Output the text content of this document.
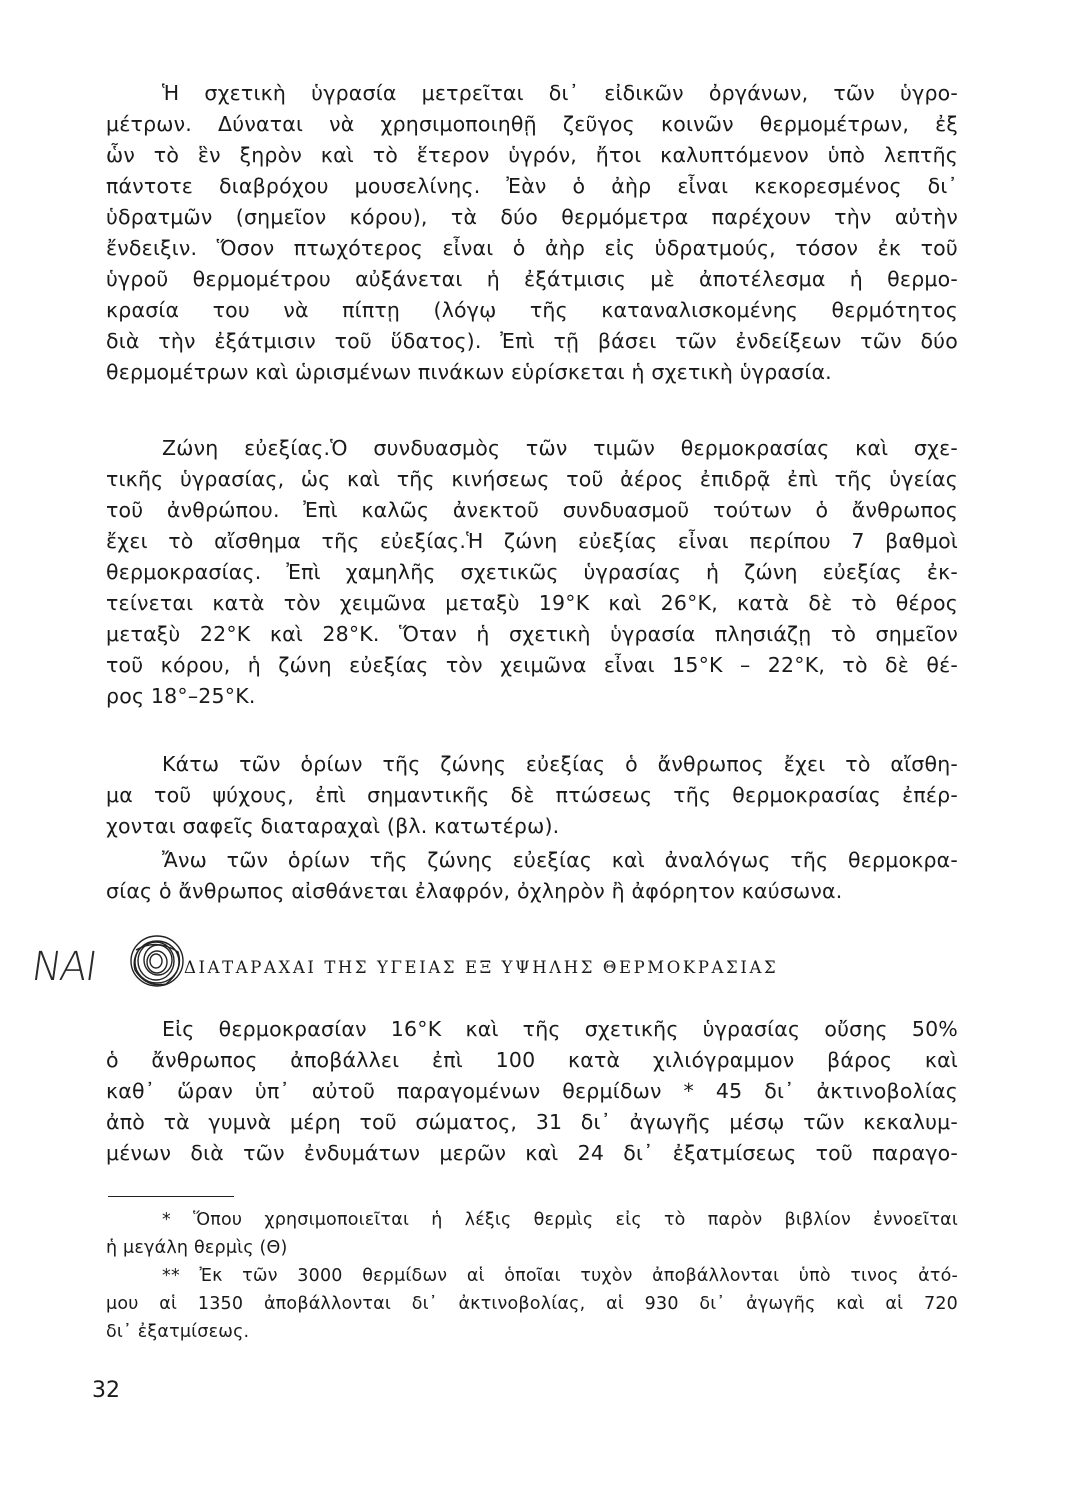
Ἡ σχετικὴ ὑγρασία μετρεῖται δι᾿ εἰδικῶν ὀργάνων, τῶν ὑγρο-
μέτρων. Δύναται νὰ χρησιμοποιηθῇ ζεῦγος κοινῶν θερμομέτρων, ἐξ
ὧν τὸ ἓν ξηρὸν καὶ τὸ ἕτερον ὑγρόν, ἤτοι καλυπτόμενον ὑπὸ λεπτῆς
πάντοτε διαβρόχου μουσελίνης. Ἐὰν ὁ ἀὴρ εἶναι κεκορεσμένος δι᾿
ὑδρατμῶν (σημεῖον κόρου), τὰ δύο θερμόμετρα παρέχουν τὴν αὐτὴν
ἔνδειξιν. Ὅσον πτωχότερος εἶναι ὁ ἀὴρ εἰς ὑδρατμούς, τόσον ἐκ τοῦ
ὑγροῦ θερμομέτρου αὐξάνεται ἡ ἐξάτμισις μὲ ἀποτέλεσμα ἡ θερμο-
κρασία του νὰ πίπτῃ (λόγῳ τῆς καταναλισκομένης θερμότητος
διὰ τὴν ἐξάτμισιν τοῦ ὕδατος). Ἐπὶ τῇ βάσει τῶν ἐνδείξεων τῶν δύο
θερμομέτρων καὶ ὡρισμένων πινάκων εὑρίσκεται ἡ σχετικὴ ὑγρασία.
Ζώνη εὐεξίας.Ὁ συνδυασμὸς τῶν τιμῶν θερμοκρασίας καὶ σχε-
τικῆς ὑγρασίας, ὡς καὶ τῆς κινήσεως τοῦ ἀέρος ἐπιδρᾷ ἐπὶ τῆς ὑγείας
τοῦ ἀνθρώπου. Ἐπὶ καλῶς ἀνεκτοῦ συνδυασμοῦ τούτων ὁ ἄνθρωπος
ἔχει τὸ αἴσθημα τῆς εὐεξίας.Ἡ ζώνη εὐεξίας εἶναι περίπου 7 βαθμοὶ
θερμοκρασίας. Ἐπὶ χαμηλῆς σχετικῶς ὑγρασίας ἡ ζώνη εὐεξίας ἐκ-
τείνεται κατὰ τὸν χειμῶνα μεταξὺ 19°Κ καὶ 26°Κ, κατὰ δὲ τὸ θέρος
μεταξὺ 22°Κ καὶ 28°Κ. Ὅταν ἡ σχετικὴ ὑγρασία πλησιάζῃ τὸ σημεῖον
τοῦ κόρου, ἡ ζώνη εὐεξίας τὸν χειμῶνα εἶναι 15°Κ – 22°Κ, τὸ δὲ θέ-
ρος 18°–25°Κ.
Κάτω τῶν ὁρίων τῆς ζώνης εὐεξίας ὁ ἄνθρωπος ἔχει τὸ αἴσθη-
μα τοῦ ψύχους, ἐπὶ σημαντικῆς δὲ πτώσεως τῆς θερμοκρασίας ἐπέρ-
χονται σαφεῖς διαταραχαὶ (βλ. κατωτέρω).
Ἄνω τῶν ὁρίων τῆς ζώνης εὐεξίας καὶ ἀναλόγως τῆς θερμοκρα-
σίας ὁ ἄνθρωπος αἰσθάνεται ἐλαφρόν, ὀχληρὸν ἢ ἀφόρητον καύσωνα.
ΝΑΙ	ΔΙΑΤΑΡΑΧΑΙ ΤΗΣ ΥΓΕΙΑΣ ΕΞ ΥΨΗΛΗΣ ΘΕΡΜΟΚΡΑΣΙΑΣ
Εἰς θερμοκρασίαν 16°Κ καὶ τῆς σχετικῆς ὑγρασίας οὔσης 50%
ὁ ἄνθρωπος ἀποβάλλει ἐπὶ 100 κατὰ χιλιόγραμμον βάρος καὶ
καθ᾿ ὥραν ὑπ᾿ αὐτοῦ παραγομένων θερμίδων * 45 δι᾿ ἀκτινοβολίας
ἀπὸ τὰ γυμνὰ μέρη τοῦ σώματος, 31 δι᾿ ἀγωγῆς μέσῳ τῶν κεκαλυμ-
μένων διὰ τῶν ἐνδυμάτων μερῶν καὶ 24 δι᾿ ἐξατμίσεως τοῦ παραγο-
* Ὅπου χρησιμοποιεῖται ἡ λέξις θερμὶς εἰς τὸ παρὸν βιβλίον ἐννοεῖται
ἡ μεγάλη θερμὶς (Θ)
** Ἐκ τῶν 3000 θερμίδων αἱ ὁποῖαι τυχὸν ἀποβάλλονται ὑπὸ τινος ἀτό-
μου αἱ 1350 ἀποβάλλονται δι᾿ ἀκτινοβολίας, αἱ 930 δι᾿ ἀγωγῆς καὶ αἱ 720
δι᾿ ἐξατμίσεως.
32
